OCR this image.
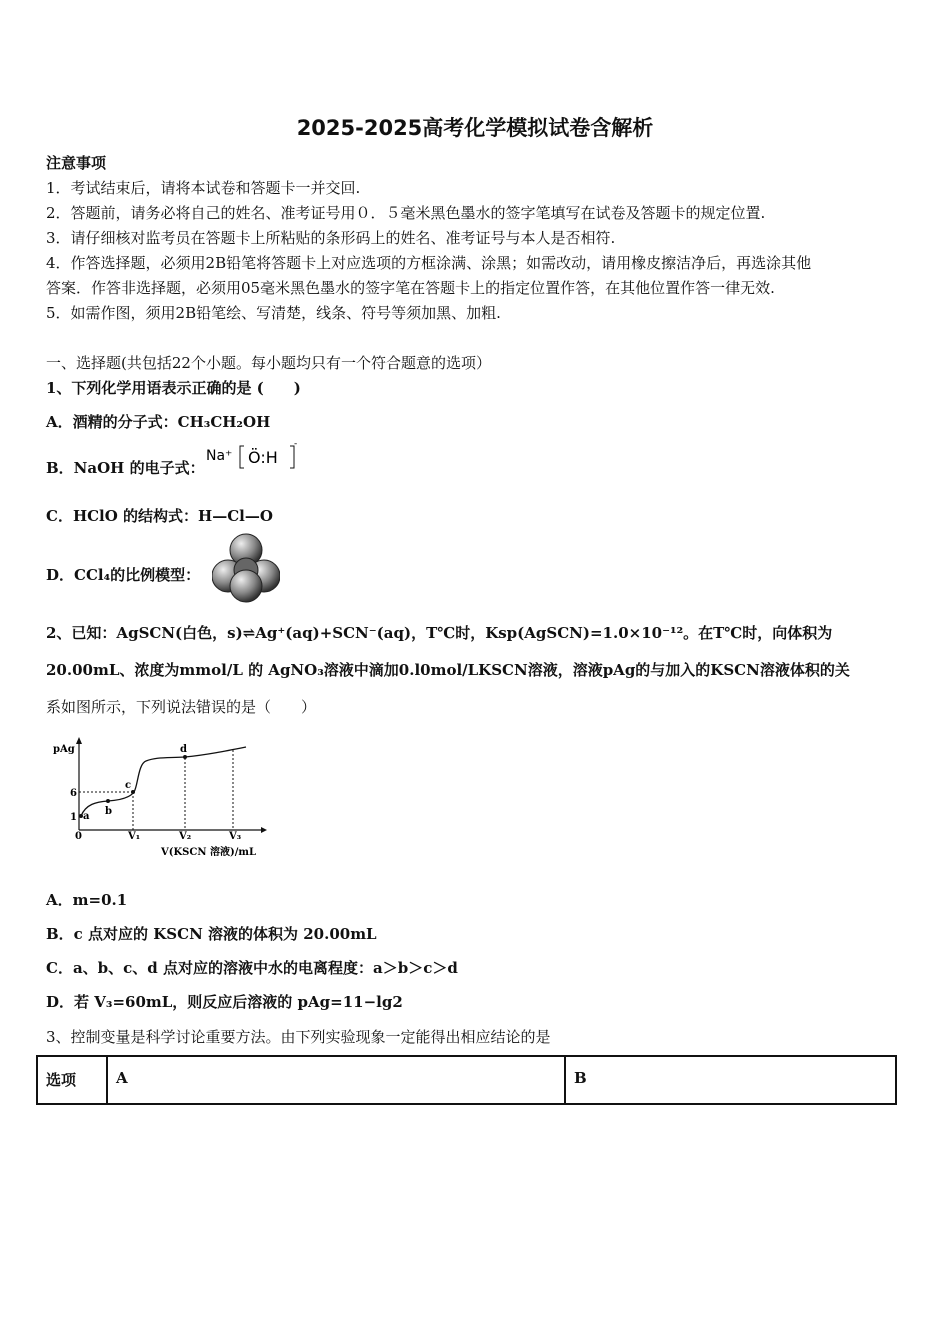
2025-2025高考化学模拟试卷含解析
注意事项
1．考试结束后，请将本试卷和答题卡一并交回.
2．答题前，请务必将自己的姓名、准考证号用０．５毫米黑色墨水的签字笔填写在试卷及答题卡的规定位置.
3．请仔细核对监考员在答题卡上所粘贴的条形码上的姓名、准考证号与本人是否相符.
4．作答选择题，必须用2B铅笔将答题卡上对应选项的方框涂满、涂黑；如需改动，请用橡皮擦洁净后，再选涂其他
答案．作答非选择题，必须用05毫米黑色墨水的签字笔在答题卡上的指定位置作答，在其他位置作答一律无效.
5．如需作图，须用2B铅笔绘、写清楚，线条、符号等须加黑、加粗.
一、选择题(共包括22个小题。每小题均只有一个符合题意的选项）
1、下列化学用语表示正确的是 (　　)
A．酒精的分子式：CH₃CH₂OH
B．NaOH 的电子式：
Na⁺ Ö:H
-
C．HClO 的结构式：H—Cl—O
D．CCl₄的比例模型：
2、已知：AgSCN(白色，s)⇌Ag⁺(aq)+SCN⁻(aq)，T℃时，Ksp(AgSCN)=1.0×10⁻¹²。在T℃时，向体积为
20.00mL、浓度为mmol/L 的 AgNO₃溶液中滴加0.l0mol/LKSCN溶液，溶液pAg的与加入的KSCN溶液体积的关
系如图所示，下列说法错误的是（　　）
pAg
V(KSCN 溶液)/mL
0	V₁	V₂	V₃
1
6
a b
c
d
A．m=0.1
B．c 点对应的 KSCN 溶液的体积为 20.00mL
C．a、b、c、d 点对应的溶液中水的电离程度：a＞b＞c＞d
D．若 V₃=60mL，则反应后溶液的 pAg=11−lg2
3、控制变量是科学讨论重要方法。由下列实验现象一定能得出相应结论的是
选项	A	B
